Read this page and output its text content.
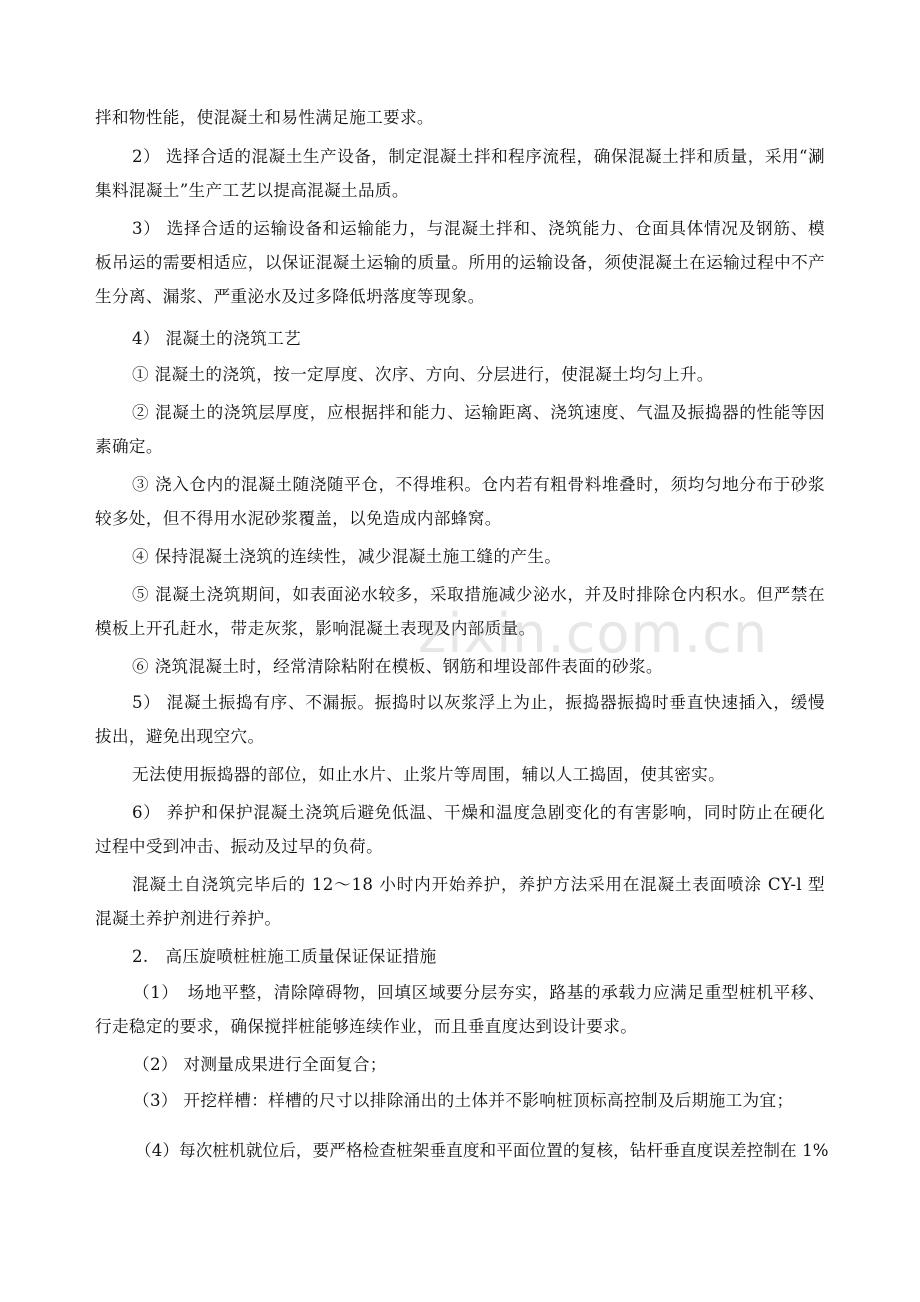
拌和物性能，使混凝土和易性满足施工要求。

2） 选择合适的混凝土生产设备，制定混凝土拌和程序流程，确保混凝土拌和质量，采用“涮集料混凝土”生产工艺以提高混凝土品质。

3） 选择合适的运输设备和运输能力，与混凝土拌和、浇筑能力、仓面具体情况及钢筋、模板吊运的需要相适应，以保证混凝土运输的质量。所用的运输设备，须使混凝土在运输过程中不产生分离、漏浆、严重泌水及过多降低坍落度等现象。

4） 混凝土的浇筑工艺

① 混凝土的浇筑，按一定厚度、次序、方向、分层进行，使混凝土均匀上升。

② 混凝土的浇筑层厚度，应根据拌和能力、运输距离、浇筑速度、气温及振捣器的性能等因素确定。

③ 浇入仓内的混凝土随浇随平仓，不得堆积。仓内若有粗骨料堆叠时，须均匀地分布于砂浆较多处，但不得用水泥砂浆覆盖，以免造成内部蜂窝。

④ 保持混凝土浇筑的连续性，减少混凝土施工缝的产生。

⑤ 混凝土浇筑期间，如表面泌水较多，采取措施减少泌水，并及时排除仓内积水。但严禁在模板上开孔赶水，带走灰浆，影响混凝土表现及内部质量。

⑥ 浇筑混凝土时，经常清除粘附在模板、钢筋和埋设部件表面的砂浆。

5） 混凝土振捣有序、不漏振。振捣时以灰浆浮上为止，振捣器振捣时垂直快速插入，缓慢拔出，避免出现空穴。

无法使用振捣器的部位，如止水片、止浆片等周围，辅以人工捣固，使其密实。

6） 养护和保护混凝土浇筑后避免低温、干燥和温度急剧变化的有害影响，同时防止在硬化过程中受到冲击、振动及过早的负荷。

混凝土自浇筑完毕后的 12～18 小时内开始养护，养护方法采用在混凝土表面喷涂 CY-l 型混凝土养护剂进行养护。

2.　高压旋喷桩桩施工质量保证保证措施

（1）　场地平整，清除障碍物，回填区域要分层夯实，路基的承载力应满足重型桩机平移、行走稳定的要求，确保搅拌桩能够连续作业，而且垂直度达到设计要求。

（2） 对测量成果进行全面复合；

（3） 开挖样槽：样槽的尺寸以排除涌出的土体并不影响桩顶标高控制及后期施工为宜；

（4）每次桩机就位后，要严格检查桩架垂直度和平面位置的复核，钻杆垂直度误差控制在 1%

zixin.com.cn
